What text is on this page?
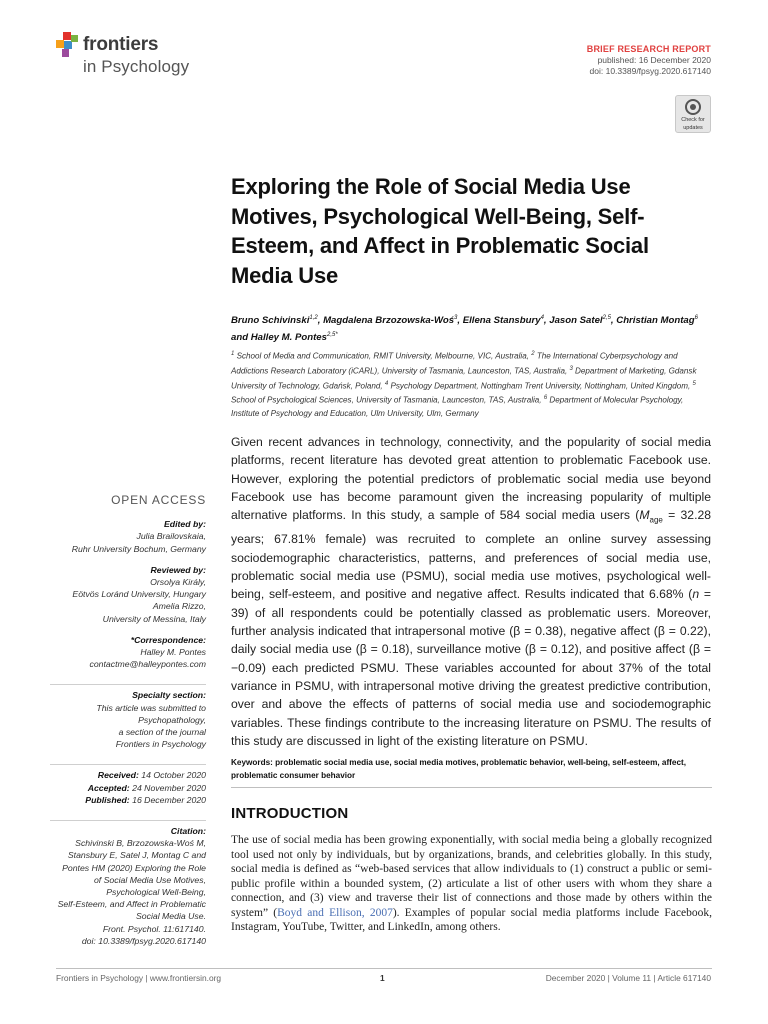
frontiers
in Psychology
BRIEF RESEARCH REPORT
published: 16 December 2020
doi: 10.3389/fpsyg.2020.617140
Check for
updates
Exploring the Role of Social Media Use Motives, Psychological Well-Being, Self-Esteem, and Affect in Problematic Social Media Use
Bruno Schivinski$^{1,2}$, Magdalena Brzozowska-Woś$^3$, Ellena Stansbury$^4$, Jason Satel$^{2,5}$, Christian Montag$^6$ and Halley M. Pontes$^{2,5*}$
$^1$ School of Media and Communication, RMIT University, Melbourne, VIC, Australia, $^2$ The International Cyberpsychology and Addictions Research Laboratory (iCARL), University of Tasmania, Launceston, TAS, Australia, $^3$ Department of Marketing, Gdansk University of Technology, Gdańsk, Poland, $^4$ Psychology Department, Nottingham Trent University, Nottingham, United Kingdom, $^5$ School of Psychological Sciences, University of Tasmania, Launceston, TAS, Australia, $^6$ Department of Molecular Psychology, Institute of Psychology and Education, Ulm University, Ulm, Germany
Given recent advances in technology, connectivity, and the popularity of social media platforms, recent literature has devoted great attention to problematic Facebook use. However, exploring the potential predictors of problematic social media use beyond Facebook use has become paramount given the increasing popularity of multiple alternative platforms. In this study, a sample of 584 social media users ($M_{age} = 32.28$ years; 67.81% female) was recruited to complete an online survey assessing sociodemographic characteristics, patterns, and preferences of social media use, problematic social media use (PSMU), social media use motives, psychological well-being, self-esteem, and positive and negative affect. Results indicated that 6.68% (n = 39) of all respondents could be potentially classed as problematic users. Moreover, further analysis indicated that intrapersonal motive (β = 0.38), negative affect (β = 0.22), daily social media use (β = 0.18), surveillance motive (β = 0.12), and positive affect (β = −0.09) each predicted PSMU. These variables accounted for about 37% of the total variance in PSMU, with intrapersonal motive driving the greatest predictive contribution, over and above the effects of patterns of social media use and sociodemographic variables. These findings contribute to the increasing literature on PSMU. The results of this study are discussed in light of the existing literature on PSMU.
Keywords: problematic social media use, social media motives, problematic behavior, well-being, self-esteem, affect, problematic consumer behavior
INTRODUCTION
The use of social media has been growing exponentially, with social media being a globally recognized tool used not only by individuals, but by organizations, brands, and celebrities globally. In this study, social media is defined as “web-based services that allow individuals to (1) construct a public or semi-public profile within a bounded system, (2) articulate a list of other users with whom they share a connection, and (3) view and traverse their list of connections and those made by others within the system” (Boyd and Ellison, 2007). Examples of popular social media platforms include Facebook, Instagram, YouTube, Twitter, and LinkedIn, among others.
OPEN ACCESS
Edited by:
Julia Brailovskaia,
Ruhr University Bochum, Germany
Reviewed by:
Orsolya Király,
Eötvös Loránd University, Hungary
Amelia Rizzo,
University of Messina, Italy
*Correspondence:
Halley M. Pontes
contactme@halleypontes.com
Specialty section:
This article was submitted to
Psychopathology,
a section of the journal
Frontiers in Psychology
Received: 14 October 2020
Accepted: 24 November 2020
Published: 16 December 2020
Citation:
Schivinski B, Brzozowska-Woś M,
Stansbury E, Satel J, Montag C and
Pontes HM (2020) Exploring the Role
of Social Media Use Motives,
Psychological Well-Being,
Self-Esteem, and Affect in Problematic
Social Media Use.
Front. Psychol. 11:617140.
doi: 10.3389/fpsyg.2020.617140
Frontiers in Psychology | www.frontiersin.org	1	December 2020 | Volume 11 | Article 617140
